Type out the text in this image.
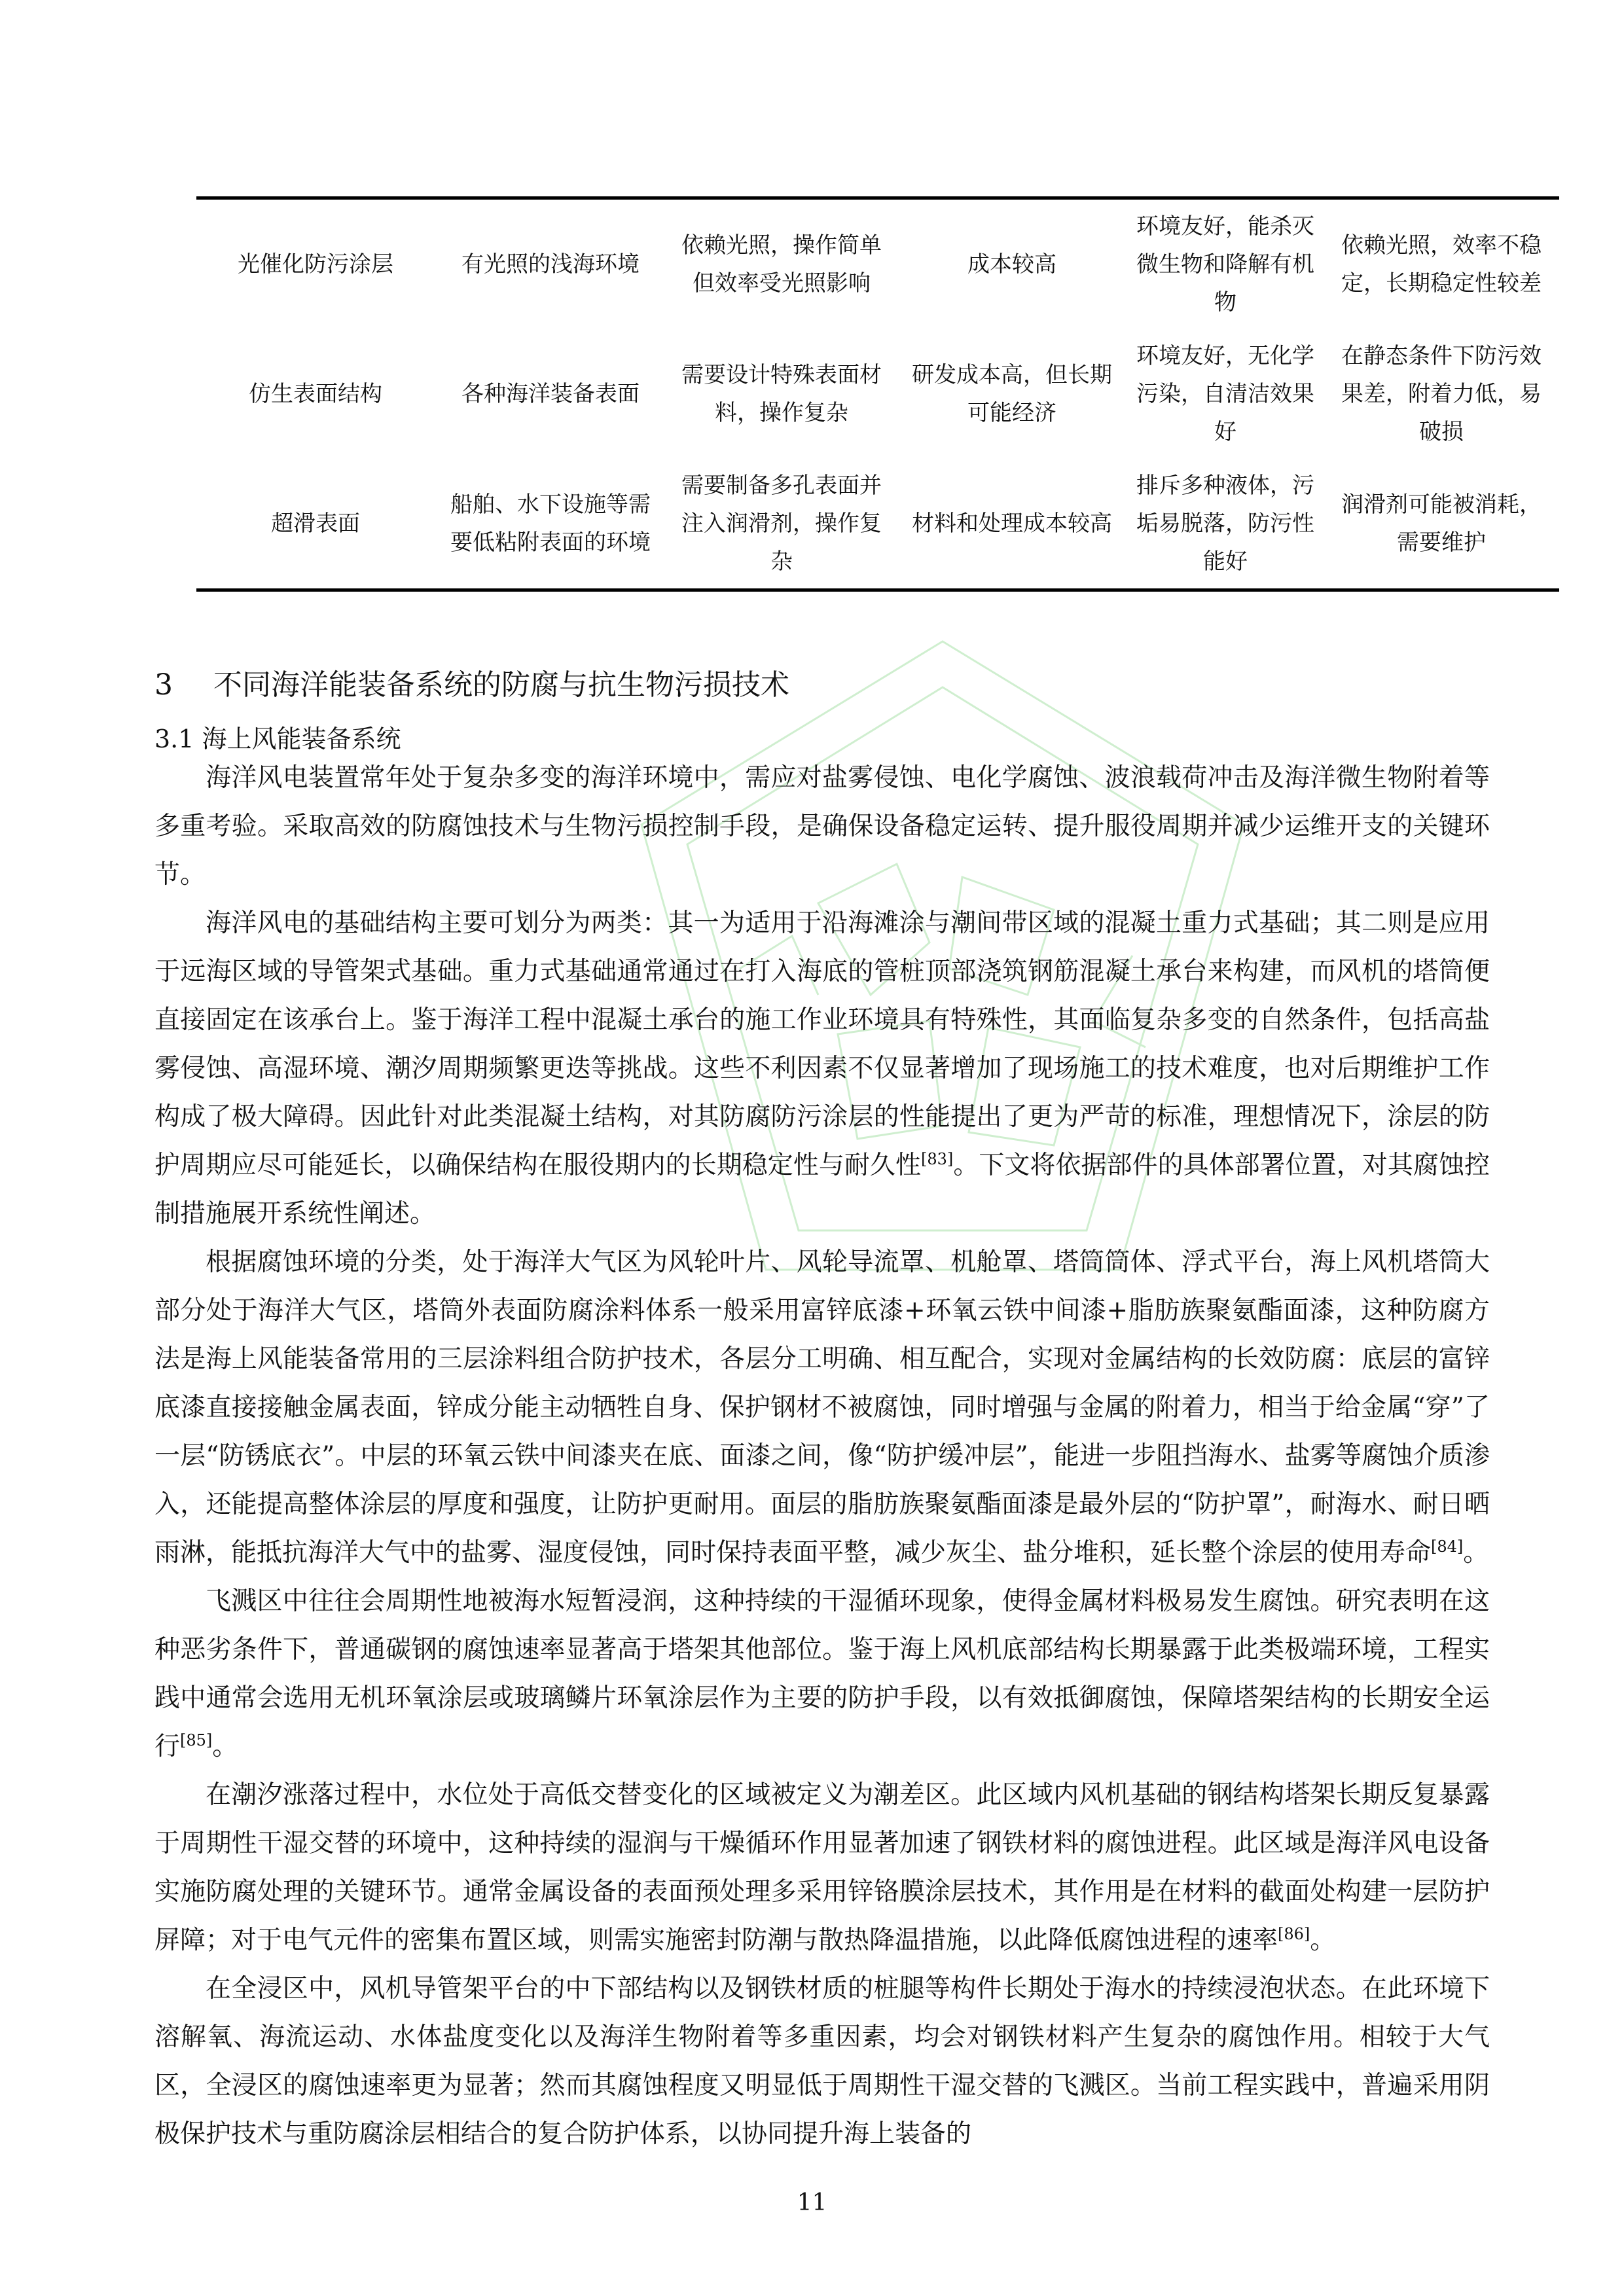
光催化防污涂层	有光照的浅海环境	依赖光照，操作简单但效率受光照影响	成本较高	环境友好，能杀灭微生物和降解有机物	依赖光照，效率不稳定，长期稳定性较差
仿生表面结构	各种海洋装备表面	需要设计特殊表面材料，操作复杂	研发成本高，但长期可能经济	环境友好，无化学污染，自清洁效果好	在静态条件下防污效果差，附着力低，易破损
超滑表面	船舶、水下设施等需要低粘附表面的环境	需要制备多孔表面并注入润滑剂，操作复杂	材料和处理成本较高	排斥多种液体，污垢易脱落，防污性能好	润滑剂可能被消耗，需要维护
3 不同海洋能装备系统的防腐与抗生物污损技术
3.1 海上风能装备系统

海洋风电装置常年处于复杂多变的海洋环境中，需应对盐雾侵蚀、电化学腐蚀、波浪载荷冲击及海洋微生物附着等多重考验。采取高效的防腐蚀技术与生物污损控制手段，是确保设备稳定运转、提升服役周期并减少运维开支的关键环节。

海洋风电的基础结构主要可划分为两类：其一为适用于沿海滩涂与潮间带区域的混凝土重力式基础；其二则是应用于远海区域的导管架式基础。重力式基础通常通过在打入海底的管桩顶部浇筑钢筋混凝土承台来构建，而风机的塔筒便直接固定在该承台上。鉴于海洋工程中混凝土承台的施工作业环境具有特殊性，其面临复杂多变的自然条件，包括高盐雾侵蚀、高湿环境、潮汐周期频繁更迭等挑战。这些不利因素不仅显著增加了现场施工的技术难度，也对后期维护工作构成了极大障碍。因此针对此类混凝土结构，对其防腐防污涂层的性能提出了更为严苛的标准，理想情况下，涂层的防护周期应尽可能延长，以确保结构在服役期内的长期稳定性与耐久性[83]。下文将依据部件的具体部署位置，对其腐蚀控制措施展开系统性阐述。

根据腐蚀环境的分类，处于海洋大气区为风轮叶片、风轮导流罩、机舱罩、塔筒筒体、浮式平台，海上风机塔筒大部分处于海洋大气区，塔筒外表面防腐涂料体系一般采用富锌底漆+环氧云铁中间漆+脂肪族聚氨酯面漆，这种防腐方法是海上风能装备常用的三层涂料组合防护技术，各层分工明确、相互配合，实现对金属结构的长效防腐：底层的富锌底漆直接接触金属表面，锌成分能主动牺牲自身、保护钢材不被腐蚀，同时增强与金属的附着力，相当于给金属“穿”了一层“防锈底衣”。中层的环氧云铁中间漆夹在底、面漆之间，像“防护缓冲层”，能进一步阻挡海水、盐雾等腐蚀介质渗入，还能提高整体涂层的厚度和强度，让防护更耐用。面层的脂肪族聚氨酯面漆是最外层的“防护罩”，耐海水、耐日晒雨淋，能抵抗海洋大气中的盐雾、湿度侵蚀，同时保持表面平整，减少灰尘、盐分堆积，延长整个涂层的使用寿命[84]。

飞溅区中往往会周期性地被海水短暂浸润，这种持续的干湿循环现象，使得金属材料极易发生腐蚀。研究表明在这种恶劣条件下，普通碳钢的腐蚀速率显著高于塔架其他部位。鉴于海上风机底部结构长期暴露于此类极端环境，工程实践中通常会选用无机环氧涂层或玻璃鳞片环氧涂层作为主要的防护手段，以有效抵御腐蚀，保障塔架结构的长期安全运行[85]。

在潮汐涨落过程中，水位处于高低交替变化的区域被定义为潮差区。此区域内风机基础的钢结构塔架长期反复暴露于周期性干湿交替的环境中，这种持续的湿润与干燥循环作用显著加速了钢铁材料的腐蚀进程。此区域是海洋风电设备实施防腐处理的关键环节。通常金属设备的表面预处理多采用锌铬膜涂层技术，其作用是在材料的截面处构建一层防护屏障；对于电气元件的密集布置区域，则需实施密封防潮与散热降温措施，以此降低腐蚀进程的速率[86]。

在全浸区中，风机导管架平台的中下部结构以及钢铁材质的桩腿等构件长期处于海水的持续浸泡状态。在此环境下溶解氧、海流运动、水体盐度变化以及海洋生物附着等多重因素，均会对钢铁材料产生复杂的腐蚀作用。相较于大气区，全浸区的腐蚀速率更为显著；然而其腐蚀程度又明显低于周期性干湿交替的飞溅区。当前工程实践中，普遍采用阴极保护技术与重防腐涂层相结合的复合防护体系，以协同提升海上装备的

11
